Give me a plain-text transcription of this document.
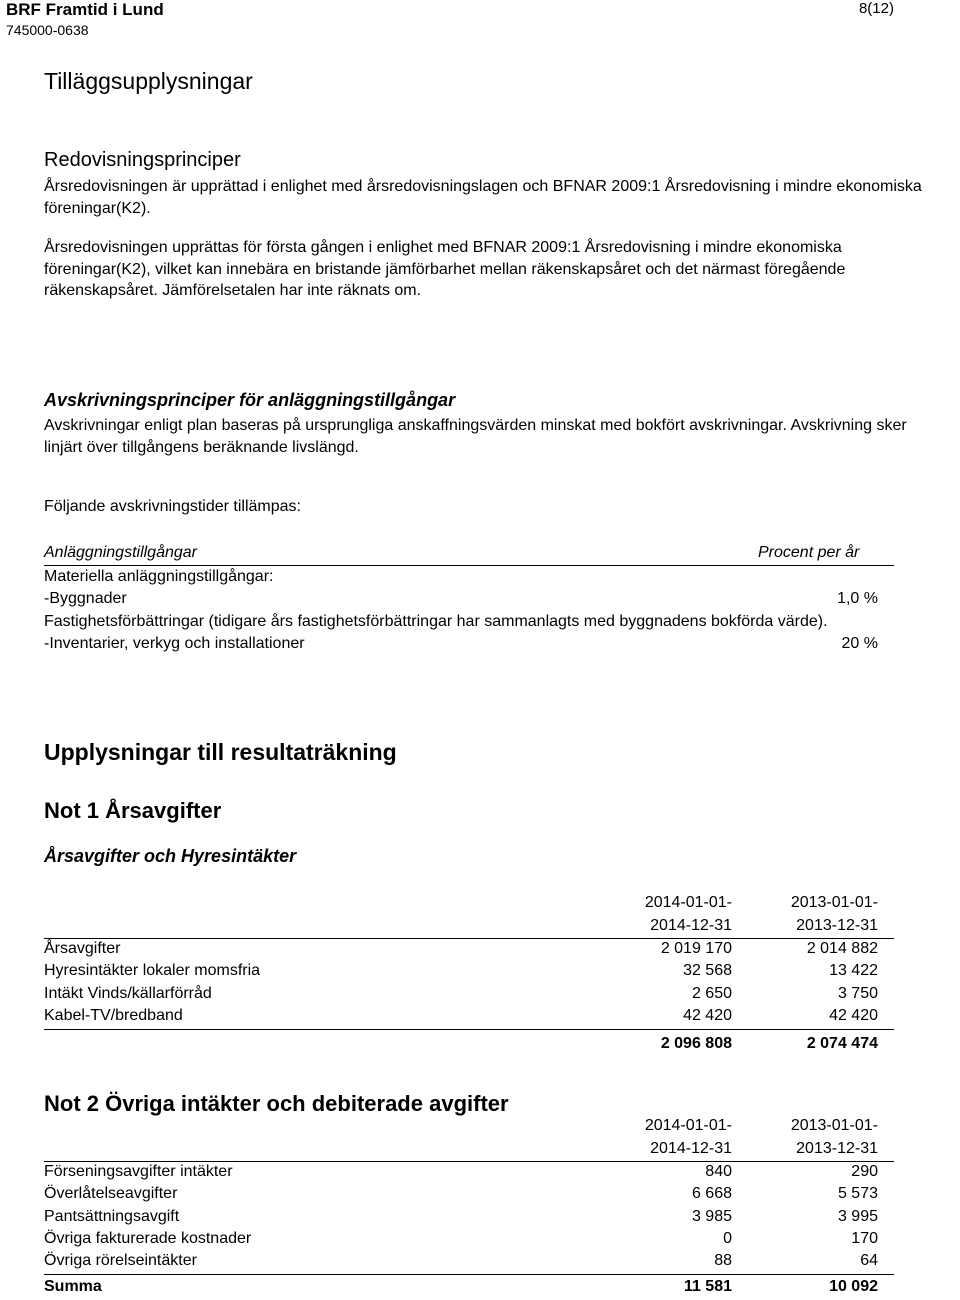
BRF Framtid i Lund
745000-0638
8(12)
Tilläggsupplysningar
Redovisningsprinciper
Årsredovisningen är upprättad i enlighet med årsredovisningslagen och BFNAR 2009:1 Årsredovisning i mindre ekonomiska föreningar(K2).
Årsredovisningen upprättas för första gången i enlighet med BFNAR 2009:1 Årsredovisning i mindre ekonomiska föreningar(K2), vilket kan innebära en bristande jämförbarhet mellan räkenskapsåret och det närmast föregående räkenskapsåret. Jämförelsetalen har inte räknats om.
Avskrivningsprinciper för anläggningstillgångar
Avskrivningar enligt plan baseras på ursprungliga anskaffningsvärden minskat med bokfört avskrivningar. Avskrivning sker linjärt över tillgångens beräknande livslängd.
Följande avskrivningstider tillämpas:
Anläggningstillgångar	Procent per år
Materiella anläggningstillgångar:
-Byggnader	1,0 %
Fastighetsförbättringar (tidigare års fastighetsförbättringar har sammanlagts med byggnadens bokförda värde).
-Inventarier, verkyg och installationer	20 %
Upplysningar till resultaträkning
Not 1 Årsavgifter
Årsavgifter och Hyresintäkter
2014-01-01-
2014-12-31
2013-01-01-
2013-12-31
Årsavgifter	2 019 170	2 014 882
Hyresintäkter lokaler momsfria	32 568	13 422
Intäkt Vinds/källarförråd	2 650	3 750
Kabel-TV/bredband	42 420	42 420
2 096 808	2 074 474
Not 2 Övriga intäkter och debiterade avgifter
2014-01-01-
2014-12-31
2013-01-01-
2013-12-31
Förseningsavgifter intäkter	840	290
Överlåtelseavgifter	6 668	5 573
Pantsättningsavgift	3 985	3 995
Övriga fakturerade kostnader	0	170
Övriga rörelseintäkter	88	64
Summa	11 581	10 092
